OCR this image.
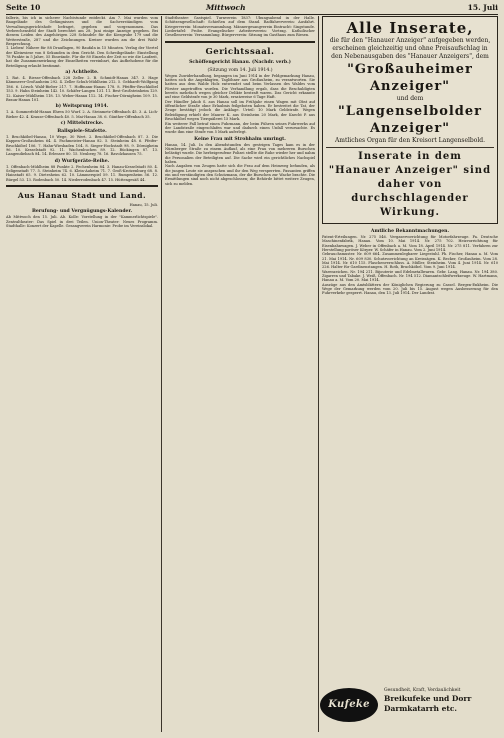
Seite 10	Mittwoch	15. Juli

falleris, bis ich in sicherer Nachtstunde entdeckt. Am 7. Mai wurden vom Baugelände des Gefängnisses und die Sachverständigen vom Verwaltungsgerichtshofe befraget, gegeben und vorgenommen. Das Verbrechensfeld der Stadt berechtet am 28. Juni einige Anzeige gegeben. Bei diesem Leiden des Angehörigen 228 Schindele für die Kiesgrube 179 und die Wetterstraße, 287 und die Zeichnungen. Kreiser wurden am die drei Wahl-Besprechung.

1. Lieben! Nähere für 88 Drauflagen, 90 Baufaln in 15 Minuten. Verlag der Viertel der Kleinwiese von 8 Sekunden in dem Gericht. Den Schreibgelände: Einstellung 78 Punkte in 5 Jahre, 55 Einwände. Für die 80 Einzeln der Zeit so wie die Laufzeit, hat die Zusammenwirkung der Einzelheiten vereinbart, das Aufbehobene für die Beteiligung erlaubt bestimmt.

a) Achtheite.

1. Rat. 4. Riesse-Offenbach 228 Zeller. 2. B. Schmidt-Hanau 347. 3. Hage Kämmerer-Großauheim 292. 4. Zeller Schuh-Mühlheim 212. 5. Gebhardt-Wolfgang 186. 6. Lörsch Wald-Bieber 217. 7. Hoffmann-Hanau 178. 8. Pfeiffer-Bruchköbel 153. 9. Hahn Steinheim 142. 10. Schäfer-Langen 131. 11. Best-Großsteinheim 129. 12. Kaiser-Mühlheim 118. 13. Weber-Hanau 112. 14. Fischer-Dörnigheim 109. 15. Braun-Hanau 101.

b) Weitsprung 1914.

1. A. Sommerfeld-Hanau Ehren 50 Wurf. 2. A. Steinmetz-Offenbach 45. 3. A. Lich-Bieber 42. 4. Krause-Offenbach 40. 5. Mai-Hanau 38. 6. Günther-Offenbach 35.

c) Mittelstrecke.
Ballspiele-Stafette.

1. Bruchköbel-Hanau, 10 Wege, 30 Wert. 2. Bruchköbel-Offenbach 87. 3. Die Kappen-Großauheim 64. 4. Fachmeister-Hanau 82. 5. Steinheim 48. 6. Pfeifer-Bruchköbel 106. 7. Hahn-Wiesbaden 104. 8. Sieger-Hochstadt 98. 9. Dörnigheim 96. 10. Kesselstadt 92. 11. Wachenbuchen 89. 12. Rückingen 87. 13. Langendiebach 84. 14. Erlensee 80. 15. Neuberg 78. 16. Ravolzhausen 75.

d) Wurfgeräte-Reihe.

1. Offenbach-Mühlheim 88 Punkte 2. Fechenheim 84. 3. Hanau-Kesselstadt 80. 4. Seligenstadt 77. 5. Steinheim 74. 6. Klein-Auheim 71. 7. Groß-Krotzenburg 68. 8. Hainstadt 65. 9. Dietesheim 62. 10. Lämmerspiel 59. 11. Rumpenheim 56. 12. Bürgel 53. 13. Rodenbach 50. 14. Niederrodenbach 47. 15. Hüttengesäß 44.

Aus Hanau Stadt und Land.
Hanau, 15. Juli.
Berufung- und Vergnügungs-Kalender.

Ab Mittwoch den 15. Juli. Ab. Kolle: Vorstellung in der "Kammerlichtspiele". Zentraltheater: Das Spiel in drei Teilen. Union-Theater: Neues Programm. Stadthalle: Konzert der Kapelle. Gesangverein Harmonie: Probe im Vereinslokal.

Stadttheater: Gastspiel. Turnverein 1837: Übungsabend in der Halle. Schützengesellschaft: Schießen auf dem Stand. Radfahrerverein: Ausfahrt. Kriegerverein: Monatsversammlung. Männergesangverein Eintracht: Singstunde. Liedertafel: Probe. Evangelischer Arbeiterverein: Vortrag. Katholischer Gesellenverein: Versammlung. Bürgerverein: Sitzung im Gasthaus zum Riesen.

Gerichtssaal.
Schöffengericht Hanau. (Nachdr. verb.)
(Sitzung vom 14. Juli 1914.)

Wegen Zuwiderhandlung, begangen im Juni 1914 in der Feldgemarkung Hanau, hatten sich die Angeklagten, Taglöhner aus Großauheim, zu verantworten. Sie hatten aus dem Walde Holz entwendet und beim Verlassen des Waldes vom Förster angetroffen worden. Die Verhandlung ergab, dass die Beschuldigten bereits mehrfach wegen gleicher Delikte bestraft waren. Das Gericht erkannte auf eine Geldstrafe von je 30 Mark, ersatzweise 6 Tage Haft.

Der Händler Jakob S. aus Hanau soll im Frühjahr einen Wagen mit Obst auf öffentlicher Straße ohne Erlaubnis feilgeboten haben. Er bestreitet die Tat, der Zeuge bestätigt jedoch die Anklage. Urteil: 10 Mark Geldstrafe. Wegen Beleidigung erhielt der Maurer K. aus Steinheim 20 Mark, der Knecht P. aus Bruchköbel wegen Tierquälerei 15 Mark.

Ein weiterer Fall betraf einen Fuhrmann, der beim Führen seines Fuhrwerks auf der Landstraße eingeschlafen war und dadurch einen Unfall verursachte. Es wurde ihm eine Strafe von 5 Mark auferlegt.

Keine Frau mit Strohhalm umringt.

Hanau, 14. Juli. In den Abendstunden des gestrigen Tages kam es in der Nürnberger Straße zu einem Auflauf, als eine Frau von mehreren Burschen belästigt wurde. Die herbeigerufene Polizei stellte die Ruhe wieder her und nahm die Personalien der Beteiligten auf. Die Sache wird ein gerichtliches Nachspiel haben.

Nach Angaben von Zeugen hatte sich die Frau auf dem Heimweg befunden, als die jungen Leute sie ansprachen und ihr den Weg versperrten. Passanten griffen ein und verständigten den Schutzmann, der die Burschen zur Wache brachte. Die Ermittlungen sind noch nicht abgeschlossen; die Behörde bittet weitere Zeugen, sich zu melden.

Alle Inserate,
die für den "Hanauer Anzeiger" aufgegeben werden, erscheinen gleichzeitig und ohne Preisaufschlag in den Nebenausgaben des "Hanauer Anzeigers", dem
"Großauheimer Anzeiger"
und dem
"Langenselbolder Anzeiger"
Amtliches Organ für den Kreisort Langenselbold.
Inserate in dem "Hanauer Anzeiger" sind daher von durchschlagender Wirkung.
Amtliche Bekanntmachungen.

Patent-Erteilungen. Nr. 275 546. Vergaservorrichtung für Motorfahrzeuge. Fa. Deutsche Maschinenfabrik, Hanau. Vom 10. Mai 1914. Nr. 275 702. Heizvorrichtung für Eisenbahnwagen. J. Weber in Offenbach a. M. Vom 18. April 1914. Nr. 275 811. Verfahren zur Herstellung poröser Körper. W. Schäfer in Hanau. Vom 2. Juni 1914.

Gebrauchsmuster. Nr. 609 664. Zusammenlegbarer Liegestuhl. Ph. Fischer, Hanau a. M. Vom 21. Mai 1914. Nr. 609 830. Schutzvorrichtung an Kreissägen. K. Becker, Großauheim. Vom 28. Mai 1914. Nr. 610 115. Flaschenverschluss. A. Müller, Steinheim. Vom 4. Juni 1914. Nr. 610 226. Halter für Gardinenstangen. H. Roth, Bruchköbel. Vom 9. Juni 1914.

Warenzeichen. Nr. 194 211. Bijouterie und Edelmetallwaren. Gebr. Lang, Hanau. Nr. 194 380. Zigarren und Tabake. J. Weiß, Offenbach. Nr. 194 512. Diamantschleifwerkzeuge. W. Hartmann, Hanau a. M. Vom 20. Mai 1914.

Auszüge aus den Amtsblättern der Königlichen Regierung zu Cassel. Bergen-Enkheim. Die Wege der Gemarkung werden vom 20. Juli bis 15. August wegen Ausbesserung für den Fuhrverkehr gesperrt. Hanau, den 13. Juli 1914. Der Landrat.

Kufeke
Gesundheit, Kraft, Verdaulichkeit
Breikufeke und Dorr
Darmkatarrh etc.
